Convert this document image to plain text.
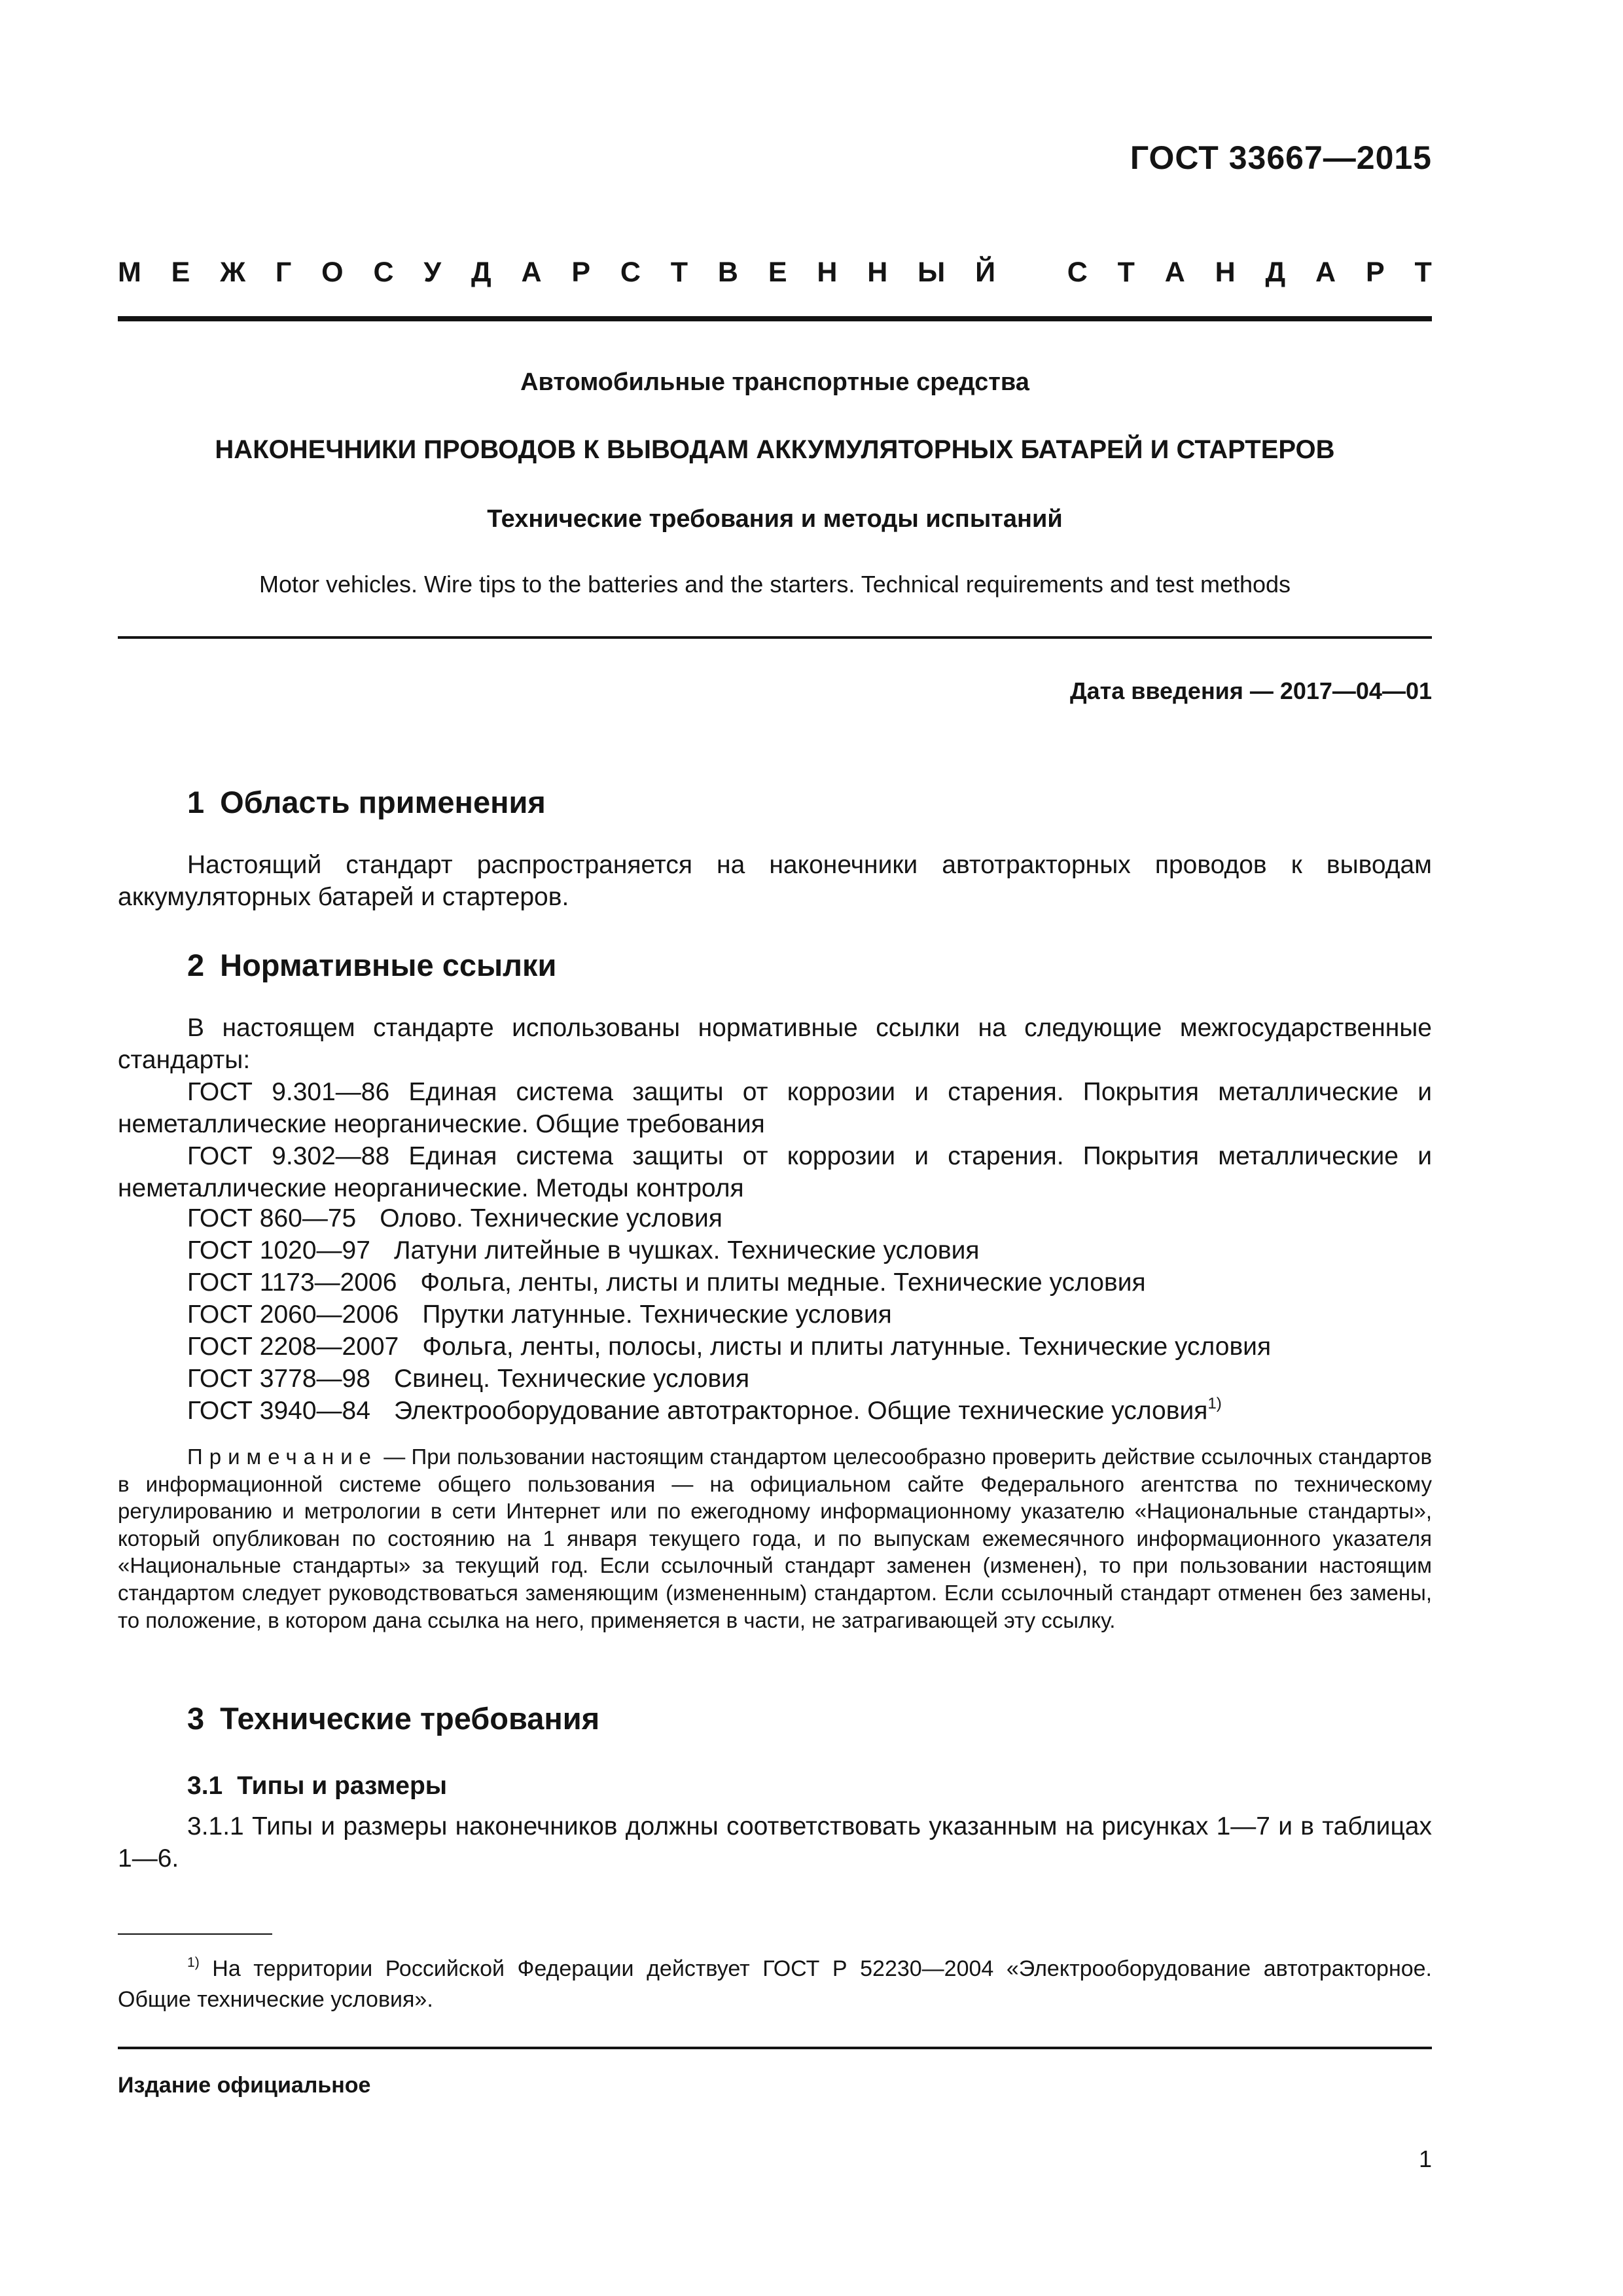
ГОСТ 33667—2015
М Е Ж Г О С У Д А Р С Т В Е Н Н Ы Й	С Т А Н Д А Р Т
Автомобильные транспортные средства
НАКОНЕЧНИКИ ПРОВОДОВ К ВЫВОДАМ АККУМУЛЯТОРНЫХ БАТАРЕЙ И СТАРТЕРОВ
Технические требования и методы испытаний
Motor vehicles. Wire tips to the batteries and the starters. Technical requirements and test methods
Дата введения — 2017—04—01
1 Область применения
Настоящий стандарт распространяется на наконечники автотракторных проводов к выводам аккумуляторных батарей и стартеров.
2 Нормативные ссылки
В настоящем стандарте использованы нормативные ссылки на следующие межгосударственные стандарты:
ГОСТ 9.301—86 Единая система защиты от коррозии и старения. Покрытия металлические и неметаллические неорганические. Общие требования
ГОСТ 9.302—88 Единая система защиты от коррозии и старения. Покрытия металлические и неметаллические неорганические. Методы контроля
ГОСТ 860—75 Олово. Технические условия
ГОСТ 1020—97 Латуни литейные в чушках. Технические условия
ГОСТ 1173—2006 Фольга, ленты, листы и плиты медные. Технические условия
ГОСТ 2060—2006 Прутки латунные. Технические условия
ГОСТ 2208—2007 Фольга, ленты, полосы, листы и плиты латунные. Технические условия
ГОСТ 3778—98 Свинец. Технические условия
ГОСТ 3940—84 Электрооборудование автотракторное. Общие технические условия$^{1)}$
Примечание — При пользовании настоящим стандартом целесообразно проверить действие ссылочных стандартов в информационной системе общего пользования — на официальном сайте Федерального агентства по техническому регулированию и метрологии в сети Интернет или по ежегодному информационному указателю «Национальные стандарты», который опубликован по состоянию на 1 января текущего года, и по выпускам ежемесячного информационного указателя «Национальные стандарты» за текущий год. Если ссылочный стандарт заменен (изменен), то при пользовании настоящим стандартом следует руководствоваться заменяющим (измененным) стандартом. Если ссылочный стандарт отменен без замены, то положение, в котором дана ссылка на него, применяется в части, не затрагивающей эту ссылку.
3 Технические требования
3.1 Типы и размеры
3.1.1 Типы и размеры наконечников должны соответствовать указанным на рисунках 1—7 и в таблицах 1—6.
$^{1)}$ На территории Российской Федерации действует ГОСТ Р 52230—2004 «Электрооборудование автотракторное. Общие технические условия».
Издание официальное
1
